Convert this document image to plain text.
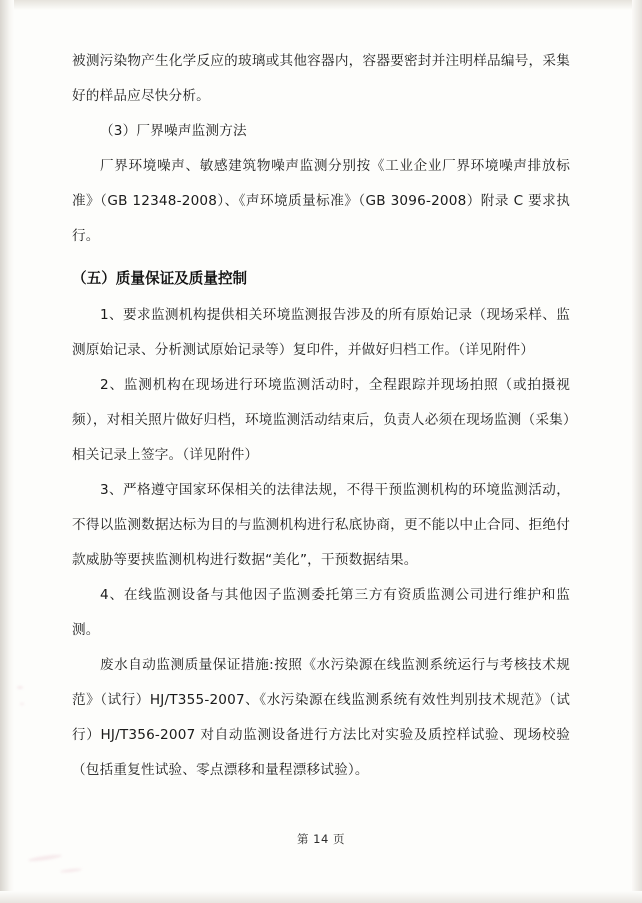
被测污染物产生化学反应的玻璃或其他容器内，容器要密封并注明样品编号，采集好的样品应尽快分析。

（3）厂界噪声监测方法

厂界环境噪声、敏感建筑物噪声监测分别按《工业企业厂界环境噪声排放标准》（GB 12348-2008）、《声环境质量标准》（GB 3096-2008）附录 C 要求执行。

（五）质量保证及质量控制

1、要求监测机构提供相关环境监测报告涉及的所有原始记录（现场采样、监测原始记录、分析测试原始记录等）复印件，并做好归档工作。（详见附件）

2、监测机构在现场进行环境监测活动时，全程跟踪并现场拍照（或拍摄视频），对相关照片做好归档，环境监测活动结束后，负责人必须在现场监测（采集）相关记录上签字。（详见附件）

3、严格遵守国家环保相关的法律法规，不得干预监测机构的环境监测活动，不得以监测数据达标为目的与监测机构进行私底协商，更不能以中止合同、拒绝付款威胁等要挟监测机构进行数据“美化”，干预数据结果。

4、在线监测设备与其他因子监测委托第三方有资质监测公司进行维护和监测。

废水自动监测质量保证措施:按照《水污染源在线监测系统运行与考核技术规范》（试行）HJ/T355-2007、《水污染源在线监测系统有效性判别技术规范》（试行）HJ/T356-2007 对自动监测设备进行方法比对实验及质控样试验、现场校验（包括重复性试验、零点漂移和量程漂移试验）。

第 14 页
